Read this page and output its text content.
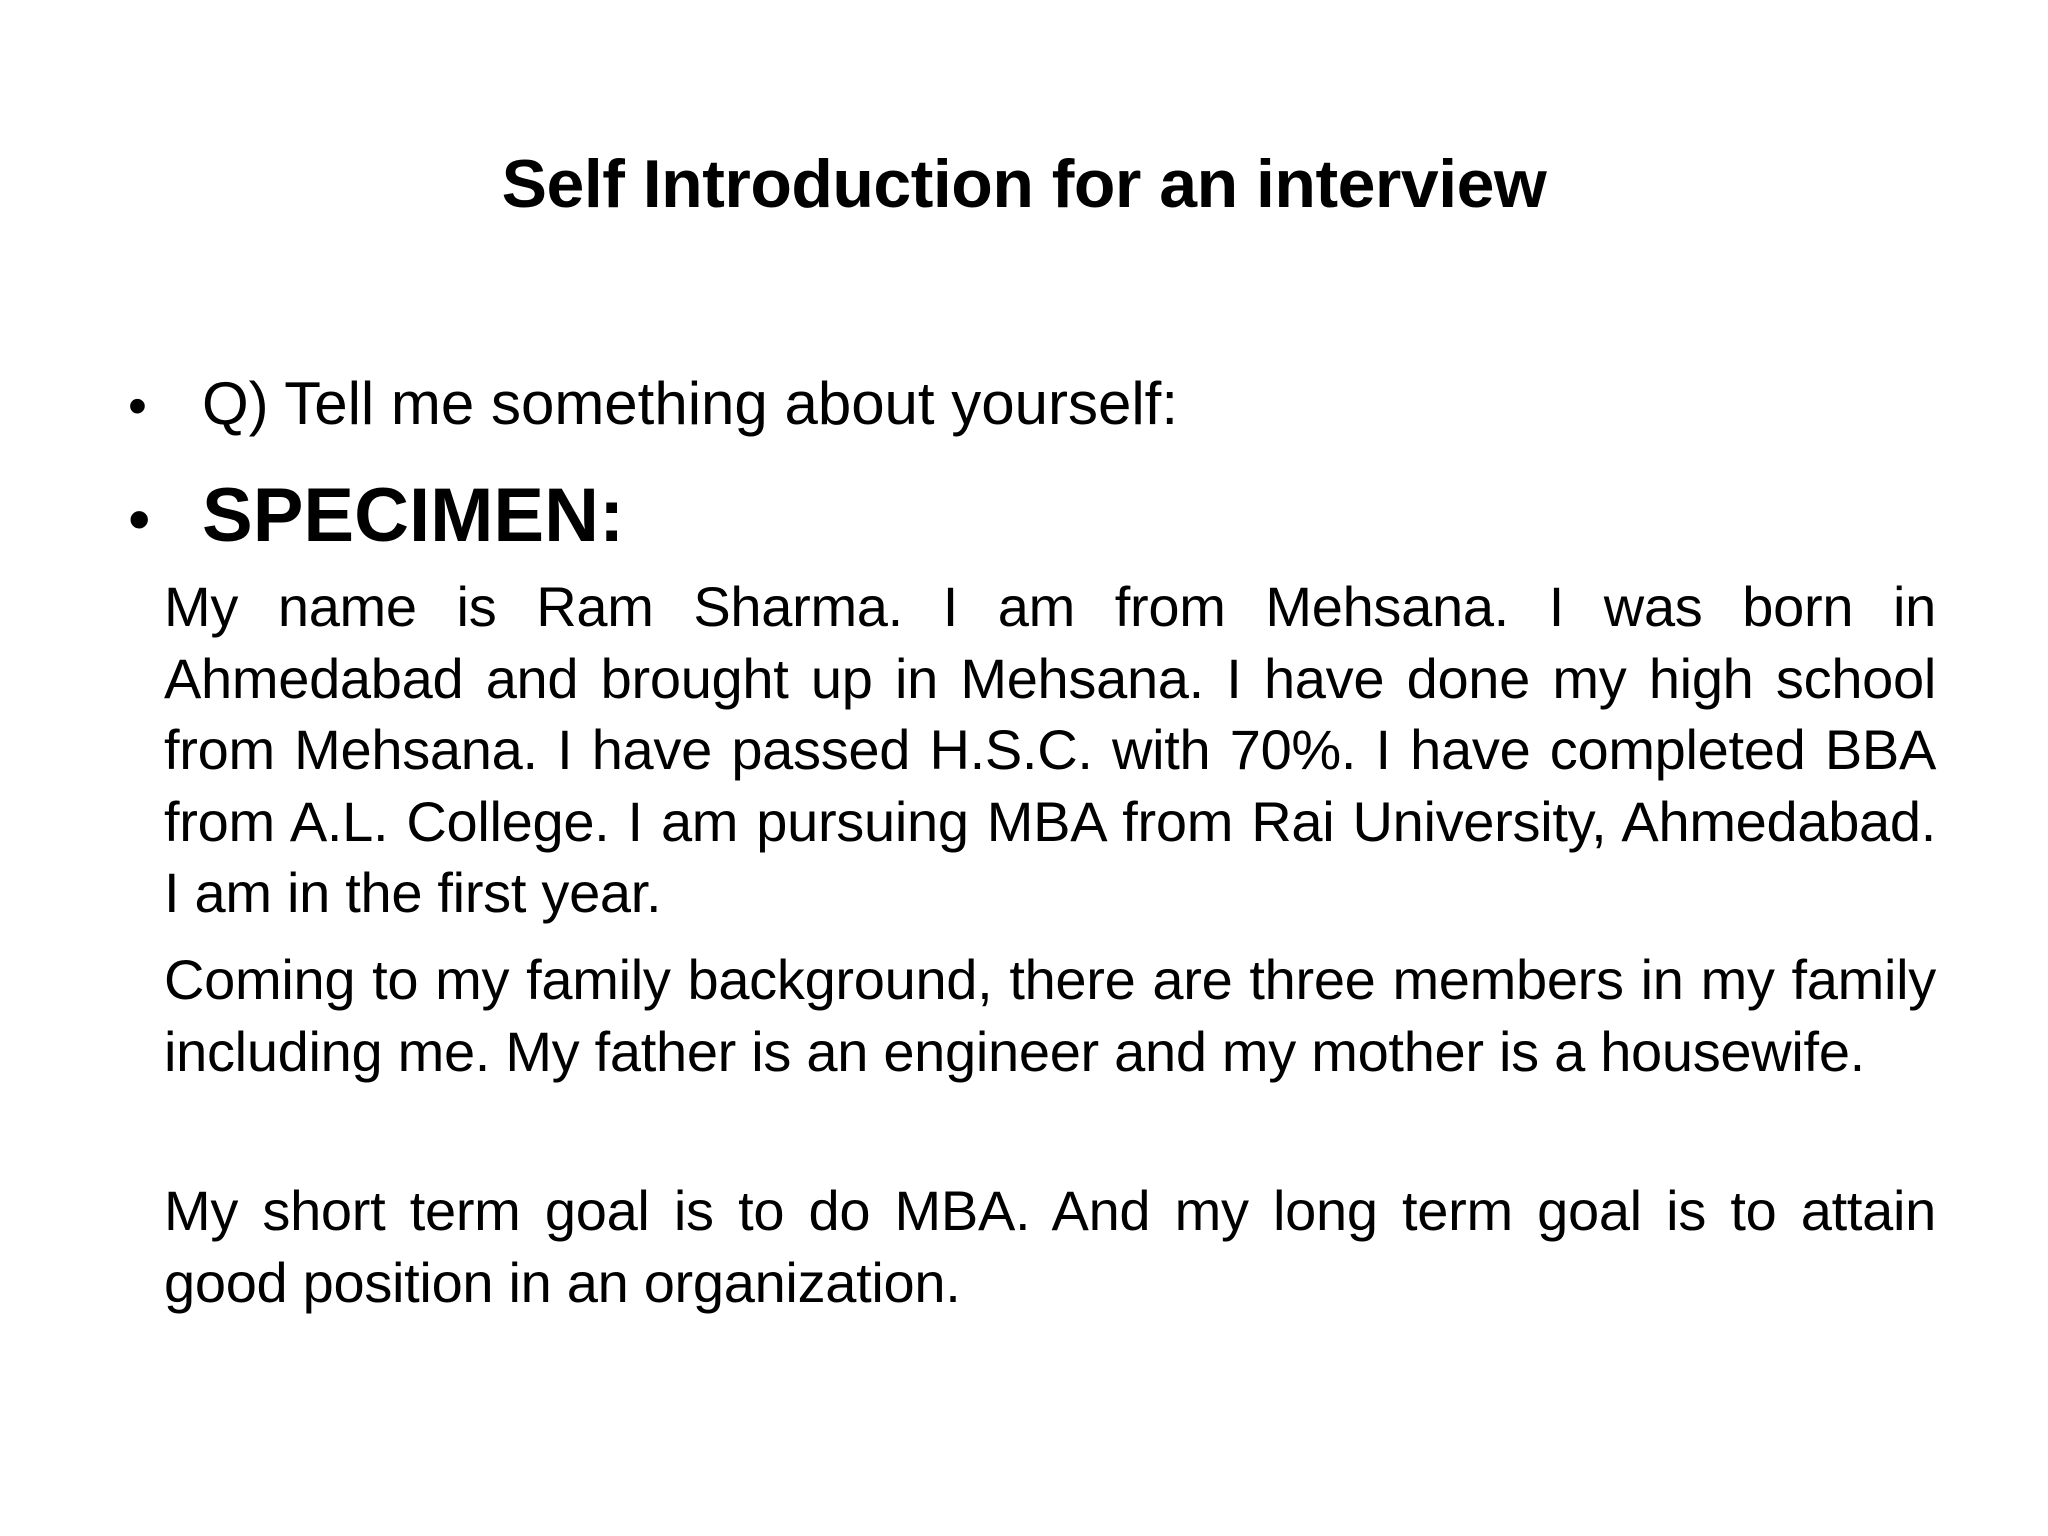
Self Introduction for an interview
• Q) Tell me something about yourself:
• SPECIMEN:

My name is Ram Sharma. I am from Mehsana. I was born in Ahmedabad and brought up in Mehsana. I have done my high school from Mehsana. I have passed H.S.C. with 70%. I have completed BBA from A.L. College. I am pursuing MBA from Rai University, Ahmedabad. I am in the first year.

Coming to my family background, there are three members in my family including me. My father is an engineer and my mother is a housewife.

My short term goal is to do MBA. And my long term goal is to attain good position in an organization.
